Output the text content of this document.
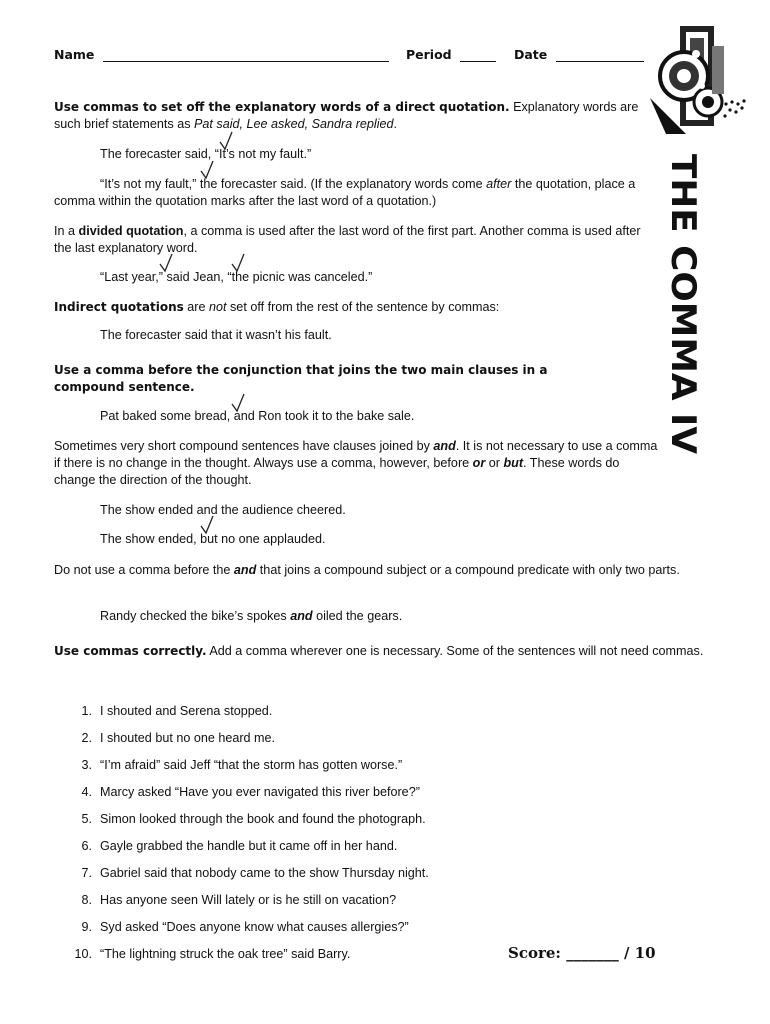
Name	Period	Date
THE COMMA IV
Use commas to set off the explanatory words of a direct quotation. Explanatory words are such brief statements as Pat said, Lee asked, Sandra replied.
The forecaster said, “It’s not my fault.”
“It’s not my fault,” the forecaster said. (If the explanatory words come after the quotation, place a comma within the quotation marks after the last word of a quotation.)
In a divided quotation, a comma is used after the last word of the first part. Another comma is used after the last explanatory word.
“Last year,” said Jean, “the picnic was canceled.”
Indirect quotations are not set off from the rest of the sentence by commas:
The forecaster said that it wasn’t his fault.
Use a comma before the conjunction that joins the two main clauses in a compound sentence.
Pat baked some bread, and Ron took it to the bake sale.
Sometimes very short compound sentences have clauses joined by and. It is not necessary to use a comma if there is no change in the thought. Always use a comma, however, before or or but. These words do change the direction of the thought.
The show ended and the audience cheered.
The show ended, but no one applauded.
Do not use a comma before the and that joins a compound subject or a compound predicate with only two parts.
Randy checked the bike’s spokes and oiled the gears.
Use commas correctly. Add a comma wherever one is necessary. Some of the sentences will not need commas.
1. I shouted and Serena stopped.
2. I shouted but no one heard me.
3. “I’m afraid” said Jeff “that the storm has gotten worse.”
4. Marcy asked “Have you ever navigated this river before?”
5. Simon looked through the book and found the photograph.
6. Gayle grabbed the handle but it came off in her hand.
7. Gabriel said that nobody came to the show Thursday night.
8. Has anyone seen Will lately or is he still on vacation?
9. Syd asked “Does anyone know what causes allergies?”
10. “The lightning struck the oak tree” said Barry.	Score: _______ / 10
